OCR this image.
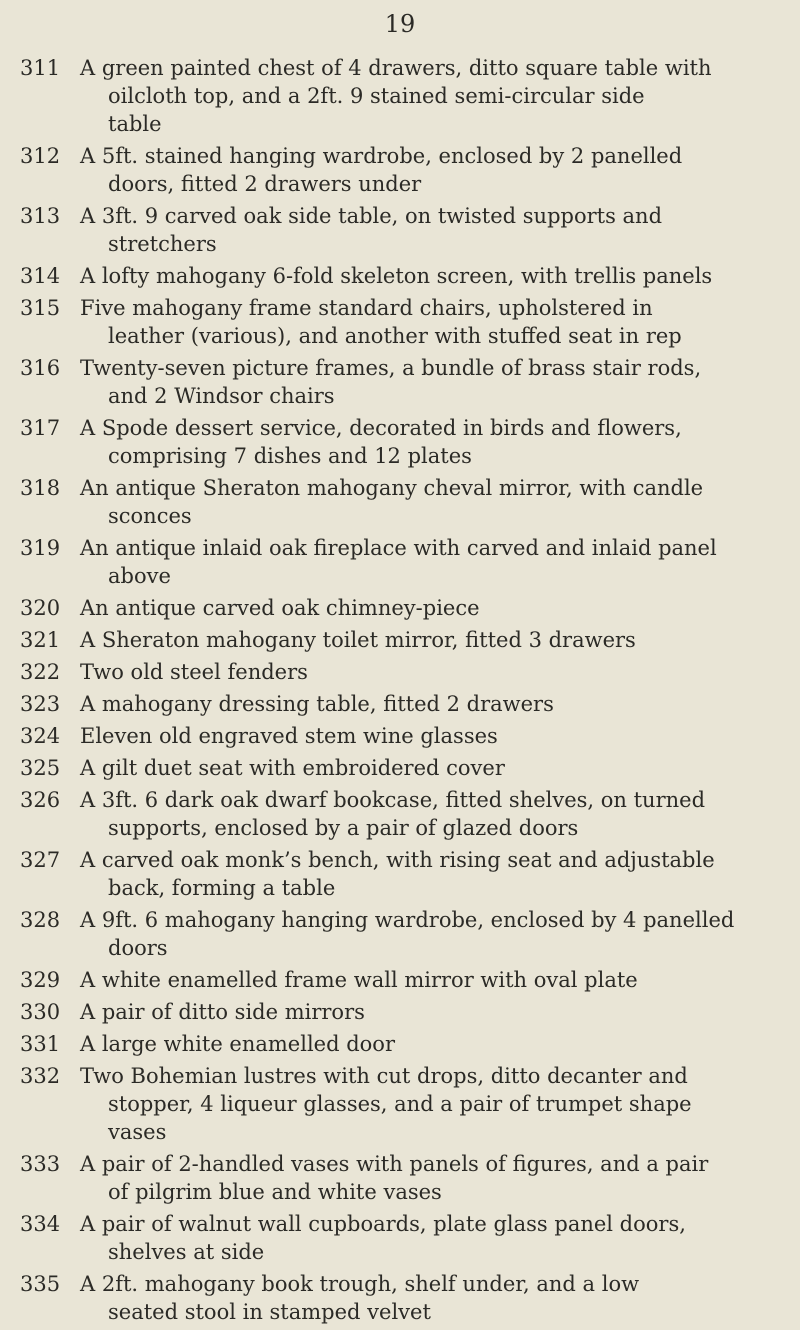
19
311 A green painted chest of 4 drawers, ditto square table with
oilcloth top, and a 2ft. 9 stained semi-circular side
table
312 A 5ft. stained hanging wardrobe, enclosed by 2 panelled
doors, fitted 2 drawers under
313 A 3ft. 9 carved oak side table, on twisted supports and
stretchers
314 A lofty mahogany 6-fold skeleton screen, with trellis panels
315 Five mahogany frame standard chairs, upholstered in
leather (various), and another with stuffed seat in rep
316 Twenty-seven picture frames, a bundle of brass stair rods,
and 2 Windsor chairs
317 A Spode dessert service, decorated in birds and flowers,
comprising 7 dishes and 12 plates
318 An antique Sheraton mahogany cheval mirror, with candle
sconces
319 An antique inlaid oak fireplace with carved and inlaid panel
above
320 An antique carved oak chimney-piece
321 A Sheraton mahogany toilet mirror, fitted 3 drawers
322 Two old steel fenders
323 A mahogany dressing table, fitted 2 drawers
324 Eleven old engraved stem wine glasses
325 A gilt duet seat with embroidered cover
326 A 3ft. 6 dark oak dwarf bookcase, fitted shelves, on turned
supports, enclosed by a pair of glazed doors
327 A carved oak monk’s bench, with rising seat and adjustable
back, forming a table
328 A 9ft. 6 mahogany hanging wardrobe, enclosed by 4 panelled
doors
329 A white enamelled frame wall mirror with oval plate
330 A pair of ditto side mirrors
331 A large white enamelled door
332 Two Bohemian lustres with cut drops, ditto decanter and
stopper, 4 liqueur glasses, and a pair of trumpet shape
vases
333 A pair of 2-handled vases with panels of figures, and a pair
of pilgrim blue and white vases
334 A pair of walnut wall cupboards, plate glass panel doors,
shelves at side
335 A 2ft. mahogany book trough, shelf under, and a low
seated stool in stamped velvet
